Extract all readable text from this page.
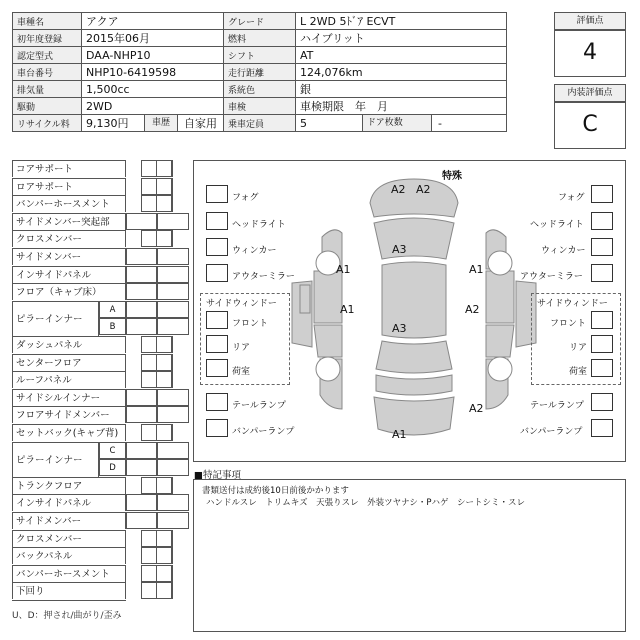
車種名	アクア	グレード	L 2WD 5ﾄﾞｱ ECVT
初年度登録	2015年06月	燃料	ハイブリット
認定型式	DAA-NHP10	シフト	AT
車台番号	NHP10-6419598	走行距離	124,076km
排気量	1,500cc	系統色	銀
駆動	2WD	車検	車検期限　年　月
リサイクル料	9,130円 車歴 自家用	乗車定員	5 ドア枚数 -
評価点
4
内装評価点
C
コアサポート
ロアサポート
バンパーホースメント
サイドメンバー突起部
クロスメンバー
サイドメンバー
インサイドパネル
フロア（キャブ床）
ピラーインナー
A
B
ダッシュパネル
センターフロア
ルーフパネル
サイドシルインナー
フロアサイドメンバー
セットバック(キャブ背)
ピラーインナー
C
D
トランクフロア
インサイドパネル
サイドメンバー
クロスメンバー
バックパネル
バンパーホースメント
下回り
U、D：押され/曲がり/歪み
特殊
A2 A2
A3
A1	A1
A1	A2
A3
A2
A1
フォグ
ヘッドライト
ウィンカー
アウターミラー
フォグ
ヘッドライト
ウィンカー
アウターミラー
サイドウィンドー
フロント
リア
荷室
サイドウィンドー
フロント
リア
荷室
テールランプ
バンパーランプ
テールランプ
バンパーランプ
■特記事項
書類送付は成約後10日前後かかります
ハンドルスレ　トリムキズ　天張りスレ　外装ツヤナシ・Pハゲ　シートシミ・スレ
